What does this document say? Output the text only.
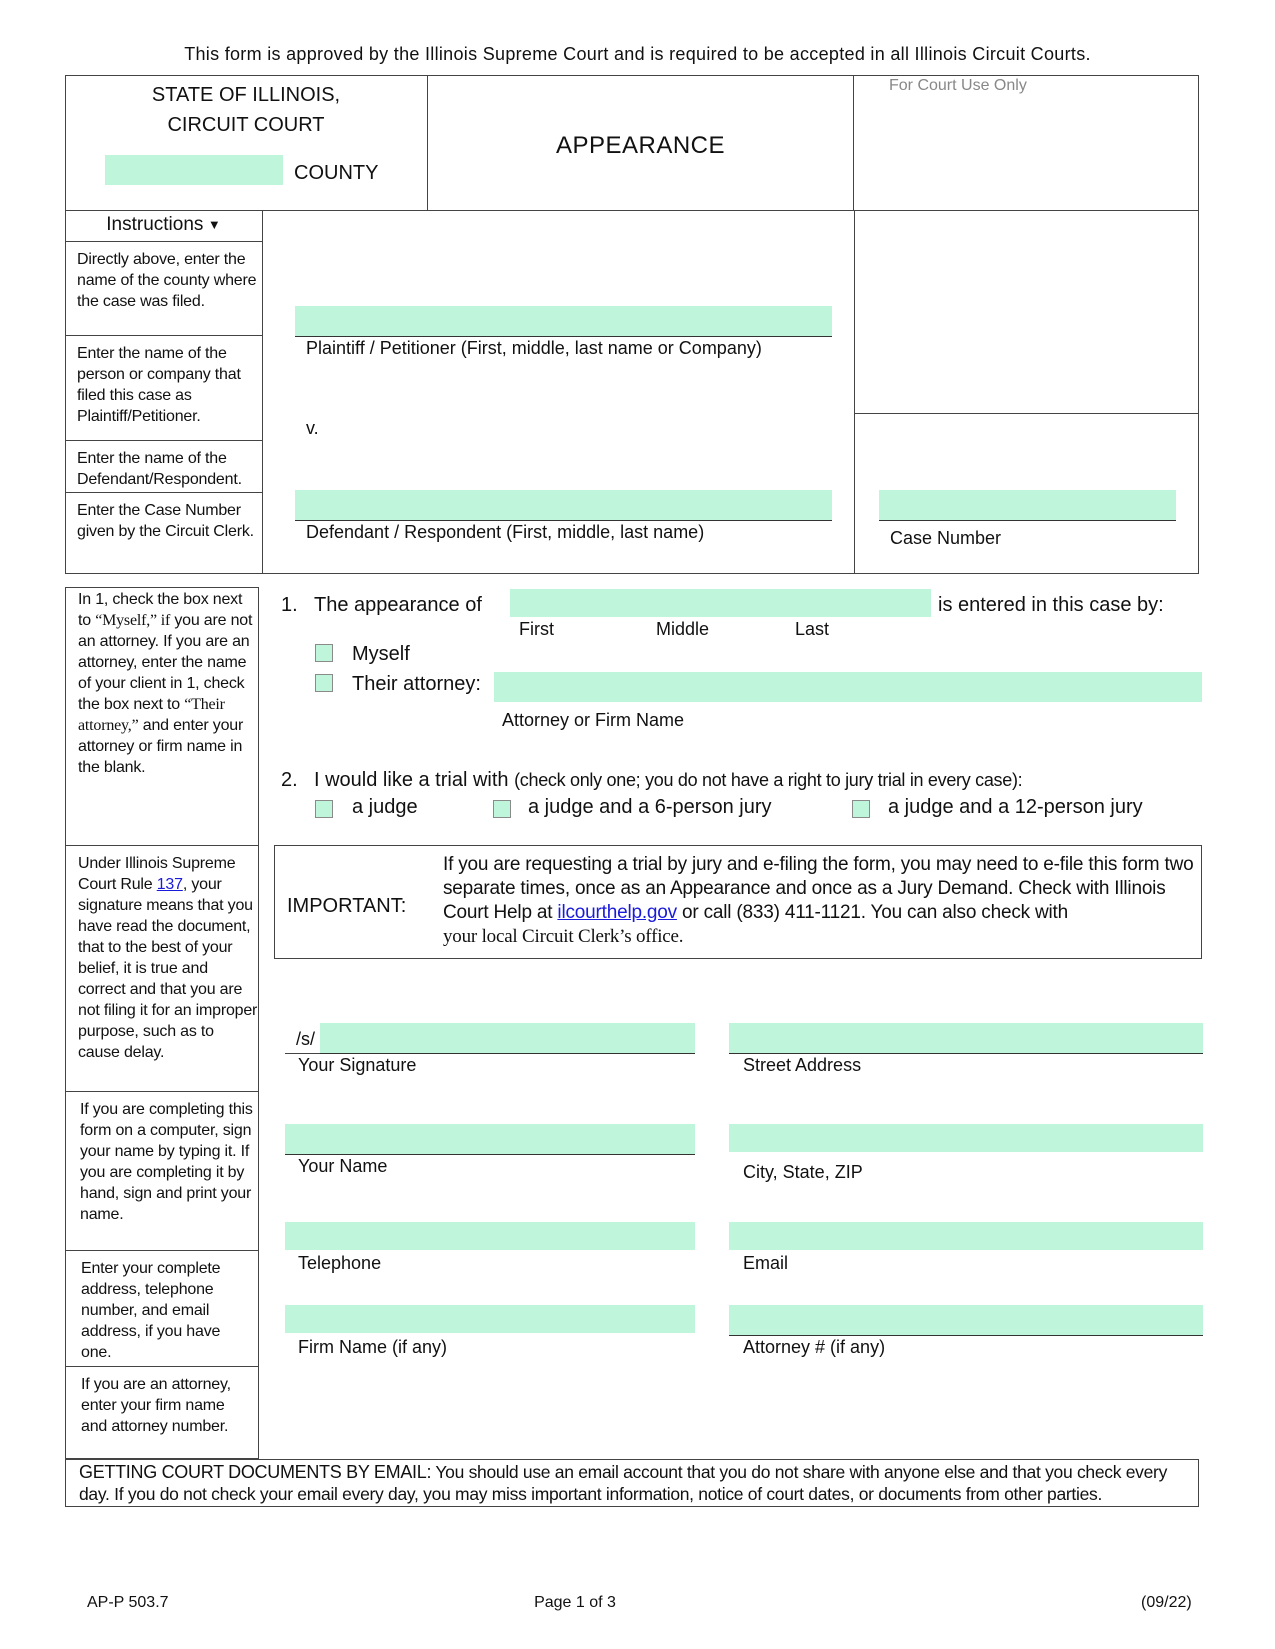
This form is approved by the Illinois Supreme Court and is required to be accepted in all Illinois Circuit Courts.
STATE OF ILLINOIS,
CIRCUIT COURT
COUNTY
APPEARANCE
For Court Use Only
Instructions ▼
Directly above, enter the name of the county where the case was filed.
Enter the name of the person or company that filed this case as Plaintiff/Petitioner.
Enter the name of the Defendant/Respondent.
Enter the Case Number given by the Circuit Clerk.
Plaintiff / Petitioner (First, middle, last name or Company)
v.
Defendant / Respondent (First, middle, last name)	Case Number
In 1, check the box next to “Myself,” if you are not an attorney. If you are an attorney, enter the name of your client in 1, check the box next to “Their attorney,” and enter your attorney or firm name in the blank.
Under Illinois Supreme Court Rule 137, your signature means that you have read the document, that to the best of your belief, it is true and correct and that you are not filing it for an improper purpose, such as to cause delay.
If you are completing this form on a computer, sign your name by typing it. If you are completing it by hand, sign and print your name.
Enter your complete address, telephone number, and email address, if you have one.
If you are an attorney, enter your firm name and attorney number.
1. The appearance of	is entered in this case by:
First	Middle	Last
Myself
Their attorney:
Attorney or Firm Name
2. I would like a trial with (check only one; you do not have a right to jury trial in every case):
a judge	a judge and a 6-person jury	a judge and a 12-person jury
IMPORTANT:
If you are requesting a trial by jury and e-filing the form, you may need to e-file this form two separate times, once as an Appearance and once as a Jury Demand. Check with Illinois Court Help at ilcourthelp.gov or call (833) 411-1121. You can also check with
your local Circuit Clerk’s office.
/s/
Your Signature	Street Address
Your Name	City, State, ZIP
Telephone	Email
Firm Name (if any)	Attorney # (if any)
GETTING COURT DOCUMENTS BY EMAIL: You should use an email account that you do not share with anyone else and that you check every day. If you do not check your email every day, you may miss important information, notice of court dates, or documents from other parties.
AP-P 503.7	Page 1 of 3	(09/22)
